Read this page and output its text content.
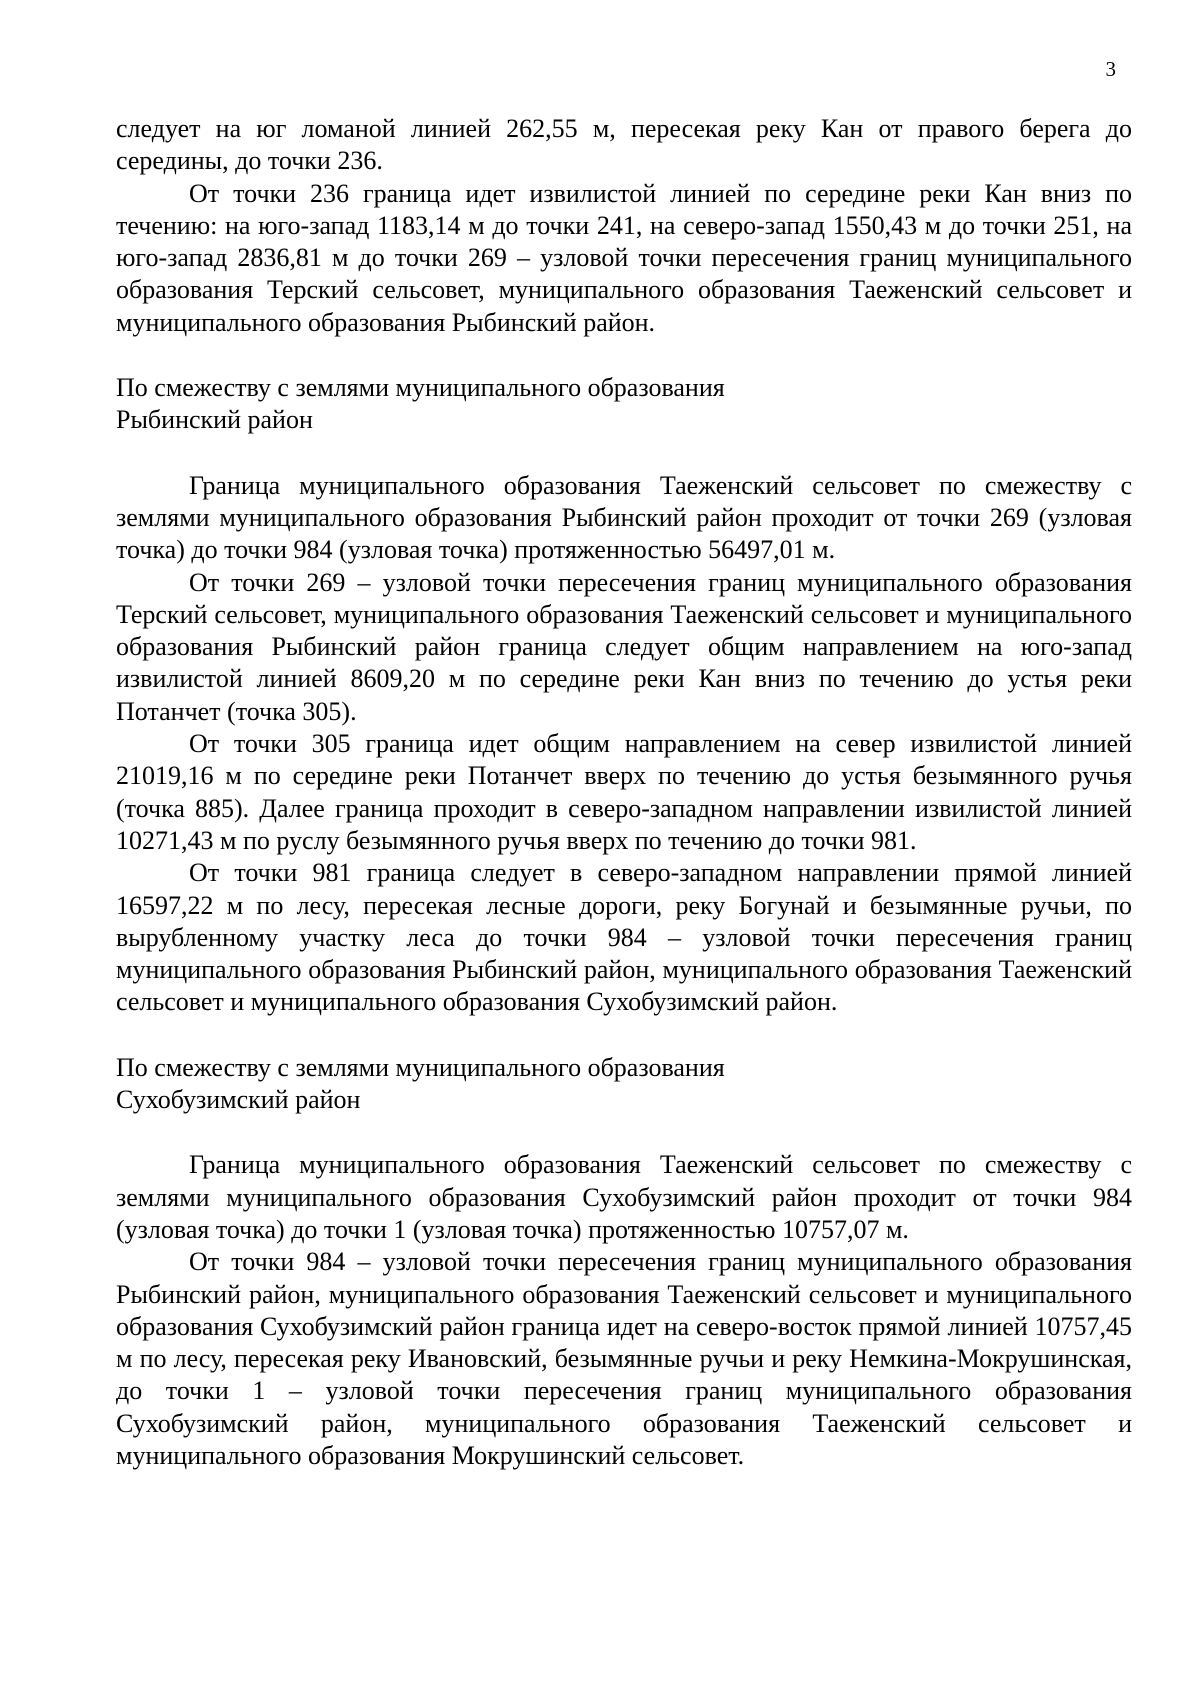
3

следует на юг ломаной линией 262,55 м, пересекая реку Кан от правого берега до середины, до точки 236.

От точки 236 граница идет извилистой линией по середине реки Кан вниз по течению: на юго-запад 1183,14 м до точки 241, на северо-запад 1550,43 м до точки 251, на юго-запад 2836,81 м до точки 269 – узловой точки пересечения границ муниципального образования Терский сельсовет, муниципального образования Таеженский сельсовет и муниципального образования Рыбинский район.

По смежеству с землями муниципального образования

Рыбинский район

Граница муниципального образования Таеженский сельсовет по смежеству с землями муниципального образования Рыбинский район проходит от точки 269 (узловая точка) до точки 984 (узловая точка) протяженностью 56497,01 м.

От точки 269 – узловой точки пересечения границ муниципального образования Терский сельсовет, муниципального образования Таеженский сельсовет и муниципального образования Рыбинский район граница следует общим направлением на юго-запад извилистой линией 8609,20 м по середине реки Кан вниз по течению до устья реки Потанчет (точка 305).

От точки 305 граница идет общим направлением на север извилистой линией 21019,16 м по середине реки Потанчет вверх по течению до устья безымянного ручья (точка 885). Далее граница проходит в северо-западном направлении извилистой линией 10271,43 м по руслу безымянного ручья вверх по течению до точки 981.

От точки 981 граница следует в северо-западном направлении прямой линией 16597,22 м по лесу, пересекая лесные дороги, реку Богунай и безымянные ручьи, по вырубленному участку леса до точки 984 – узловой точки пересечения границ муниципального образования Рыбинский район, муниципального образования Таеженский сельсовет и муниципального образования Сухобузимский район.

По смежеству с землями муниципального образования

Сухобузимский район

Граница муниципального образования Таеженский сельсовет по смежеству с землями муниципального образования Сухобузимский район проходит от точки 984 (узловая точка) до точки 1 (узловая точка) протяженностью 10757,07 м.

От точки 984 – узловой точки пересечения границ муниципального образования Рыбинский район, муниципального образования Таеженский сельсовет и муниципального образования Сухобузимский район граница идет на северо-восток прямой линией 10757,45 м по лесу, пересекая реку Ивановский, безымянные ручьи и реку Немкина-Мокрушинская, до точки 1 – узловой точки пересечения границ муниципального образования Сухобузимский район, муниципального образования Таеженский сельсовет и муниципального образования Мокрушинский сельсовет.
